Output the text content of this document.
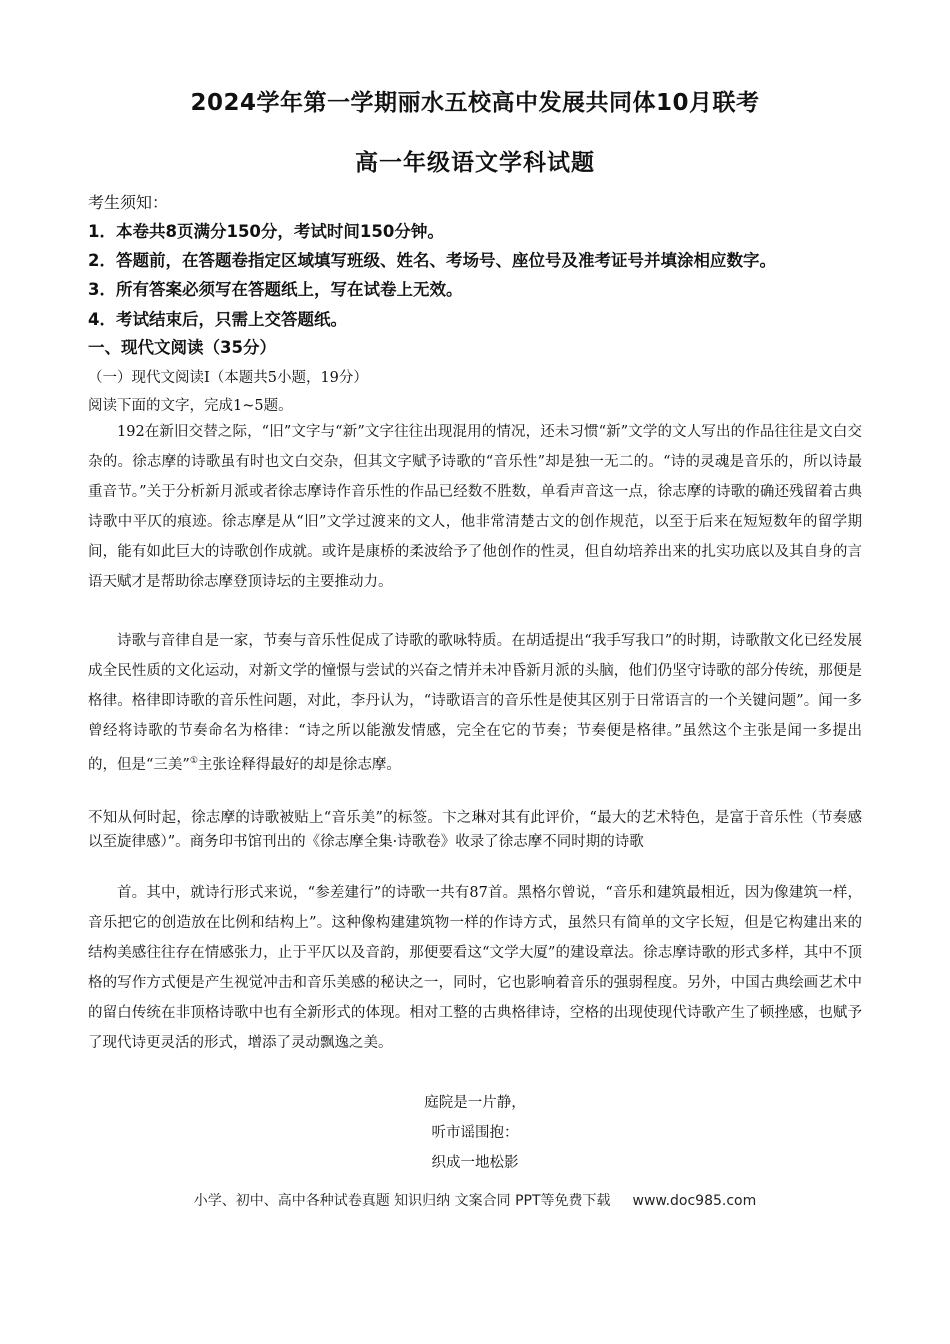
2024学年第一学期丽水五校高中发展共同体10月联考
高一年级语文学科试题
考生须知：
1．本卷共8页满分150分，考试时间150分钟。
2．答题前，在答题卷指定区域填写班级、姓名、考场号、座位号及准考证号并填涂相应数字。
3．所有答案必须写在答题纸上，写在试卷上无效。
4．考试结束后，只需上交答题纸。
一、现代文阅读（35分）
（一）现代文阅读I（本题共5小题，19分）
阅读下面的文字，完成1~5题。

192在新旧交替之际，“旧”文字与“新”文字往往出现混用的情况，还未习惯“新”文学的文人写出的作品往往是文白交杂的。徐志摩的诗歌虽有时也文白交杂，但其文字赋予诗歌的“音乐性”却是独一无二的。“诗的灵魂是音乐的，所以诗最重音节。”关于分析新月派或者徐志摩诗作音乐性的作品已经数不胜数，单看声音这一点，徐志摩的诗歌的确还残留着古典诗歌中平仄的痕迹。徐志摩是从“旧”文学过渡来的文人，他非常清楚古文的创作规范，以至于后来在短短数年的留学期间，能有如此巨大的诗歌创作成就。或许是康桥的柔波给予了他创作的性灵，但自幼培养出来的扎实功底以及其自身的言语天赋才是帮助徐志摩登顶诗坛的主要推动力。

诗歌与音律自是一家，节奏与音乐性促成了诗歌的歌咏特质。在胡适提出“我手写我口”的时期，诗歌散文化已经发展成全民性质的文化运动，对新文学的憧憬与尝试的兴奋之情并未冲昏新月派的头脑，他们仍坚守诗歌的部分传统，那便是格律。格律即诗歌的音乐性问题，对此，李丹认为，“诗歌语言的音乐性是使其区别于日常语言的一个关键问题”。闻一多曾经将诗歌的节奏命名为格律：“诗之所以能激发情感，完全在它的节奏；节奏便是格律。”虽然这个主张是闻一多提出的，但是“三美”①主张诠释得最好的却是徐志摩。

不知从何时起，徐志摩的诗歌被贴上“音乐美”的标签。卞之琳对其有此评价，“最大的艺术特色，是富于音乐性（节奏感以至旋律感）”。商务印书馆刊出的《徐志摩全集·诗歌卷》收录了徐志摩不同时期的诗歌

首。其中，就诗行形式来说，“参差建行”的诗歌一共有87首。黑格尔曾说，“音乐和建筑最相近，因为像建筑一样，音乐把它的创造放在比例和结构上”。这种像构建建筑物一样的作诗方式，虽然只有简单的文字长短，但是它构建出来的结构美感往往存在情感张力，止于平仄以及音韵，那便要看这“文学大厦”的建设章法。徐志摩诗歌的形式多样，其中不顶格的写作方式便是产生视觉冲击和音乐美感的秘诀之一，同时，它也影响着音乐的强弱程度。另外，中国古典绘画艺术中的留白传统在非顶格诗歌中也有全新形式的体现。相对工整的古典格律诗，空格的出现使现代诗歌产生了顿挫感，也赋予了现代诗更灵活的形式，增添了灵动飘逸之美。

庭院是一片静，
听市谣围抱：
织成一地松影
小学、初中、高中各种试卷真题 知识归纳 文案合同 PPT等免费下载 www.doc985.com
